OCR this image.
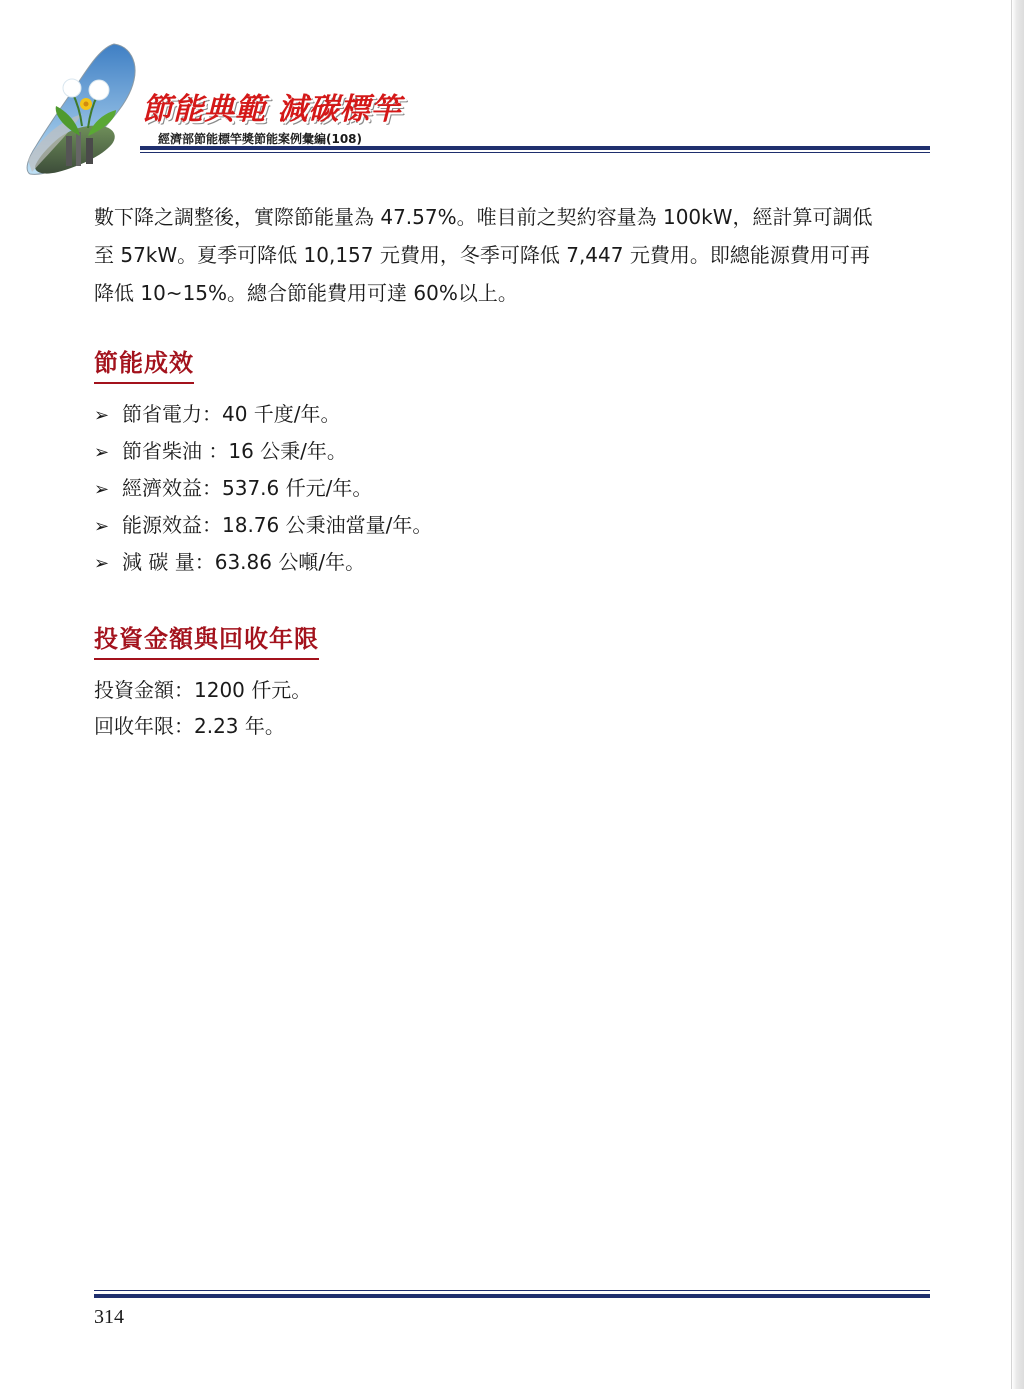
節能典範 減碳標竿
經濟部節能標竿獎節能案例彙編(108)

數下降之調整後，實際節能量為 47.57%。唯目前之契約容量為 100kW，經計算可調低

至 57kW。夏季可降低 10,157 元費用，冬季可降低 7,447 元費用。即總能源費用可再

降低 10~15%。總合節能費用可達 60%以上。

節能成效
➢ 節省電力：40 千度/年。
➢ 節省柴油 ：16 公秉/年。
➢ 經濟效益：537.6 仟元/年。
➢ 能源效益：18.76 公秉油當量/年。
➢ 減 碳 量：63.86 公噸/年。
投資金額與回收年限
投資金額：1200 仟元。
回收年限：2.23 年。
314
